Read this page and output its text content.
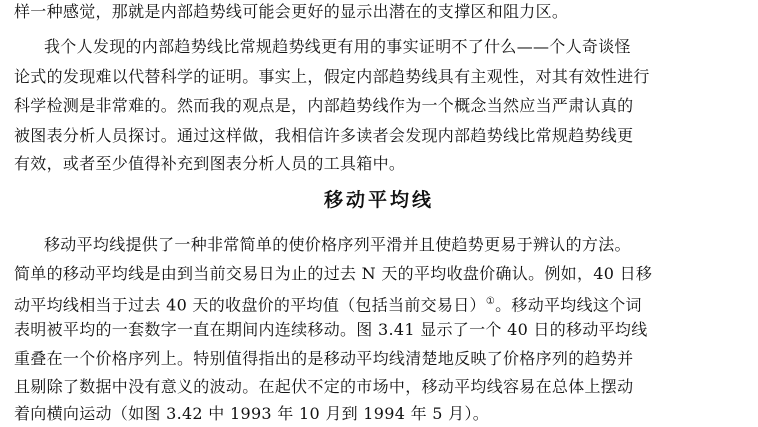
样一种感觉，那就是内部趋势线可能会更好的显示出潜在的支撑区和阻力区。
我个人发现的内部趋势线比常规趋势线更有用的事实证明不了什么——个人奇谈怪
论式的发现难以代替科学的证明。事实上，假定内部趋势线具有主观性，对其有效性进行
科学检测是非常难的。然而我的观点是，内部趋势线作为一个概念当然应当严肃认真的
被图表分析人员探讨。通过这样做，我相信许多读者会发现内部趋势线比常规趋势线更
有效，或者至少值得补充到图表分析人员的工具箱中。
移动平均线
移动平均线提供了一种非常简单的使价格序列平滑并且使趋势更易于辨认的方法。
简单的移动平均线是由到当前交易日为止的过去 N 天的平均收盘价确认。例如，40 日移
动平均线相当于过去 40 天的收盘价的平均值（包括当前交易日）①。移动平均线这个词
表明被平均的一套数字一直在期间内连续移动。图 3.41 显示了一个 40 日的移动平均线
重叠在一个价格序列上。特别值得指出的是移动平均线清楚地反映了价格序列的趋势并
且剔除了数据中没有意义的波动。在起伏不定的市场中，移动平均线容易在总体上摆动
着向横向运动（如图 3.42 中 1993 年 10 月到 1994 年 5 月）。
